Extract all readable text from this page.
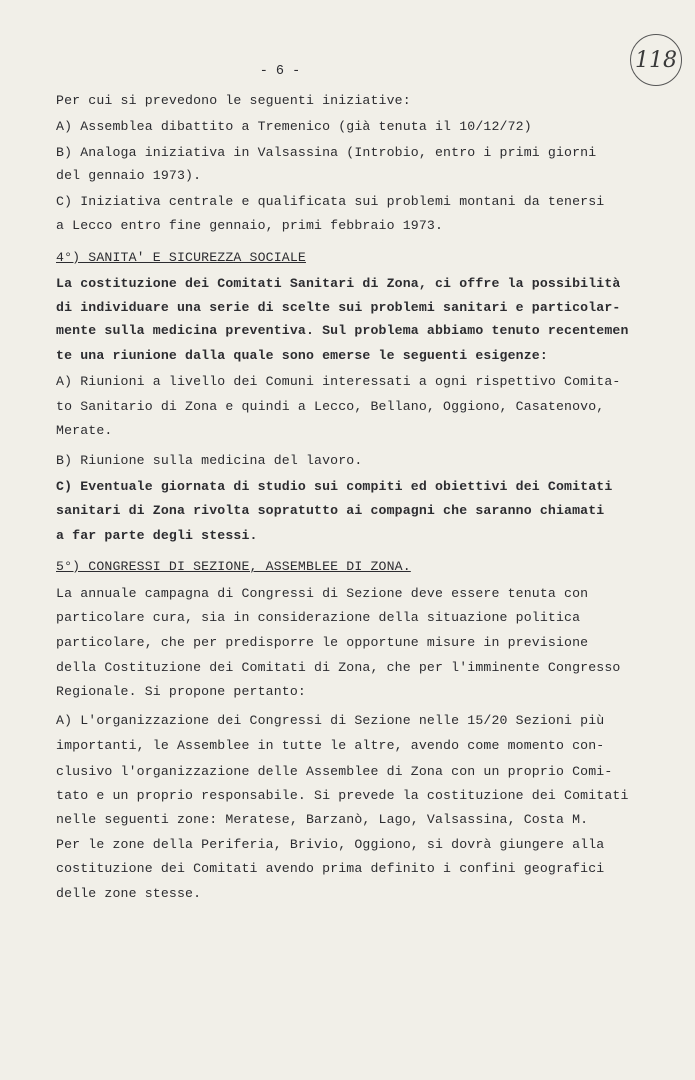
118
- 6 -
Per cui si prevedono le seguenti iniziative:
A) Assemblea dibattito a Tremenico (già tenuta il 10/12/72)
B) Analoga iniziativa in Valsassina (Introbio, entro i primi giorni
del gennaio 1973).
C) Iniziativa centrale e qualificata sui problemi montani da tenersi
a Lecco entro fine gennaio, primi febbraio 1973.
4°) SANITA' E SICUREZZA SOCIALE
La costituzione dei Comitati Sanitari di Zona, ci offre la possibilità
di individuare una serie di scelte sui problemi sanitari e particolar-
mente sulla medicina preventiva. Sul problema abbiamo tenuto recentemen
te una riunione dalla quale sono emerse le seguenti esigenze:
A) Riunioni a livello dei Comuni interessati a ogni rispettivo Comita-
to Sanitario di Zona e quindi a Lecco, Bellano, Oggiono, Casatenovo,
Merate.
B) Riunione sulla medicina del lavoro.
C) Eventuale giornata di studio sui compiti ed obiettivi dei Comitati
sanitari di Zona rivolta sopratutto ai compagni che saranno chiamati
a far parte degli stessi.
5°) CONGRESSI DI SEZIONE, ASSEMBLEE DI ZONA.
La annuale campagna di Congressi di Sezione deve essere tenuta con
particolare cura, sia in considerazione della situazione politica
particolare, che per predisporre le opportune misure in previsione
della Costituzione dei Comitati di Zona, che per l'imminente Congresso
Regionale. Si propone pertanto:
A) L'organizzazione dei Congressi di Sezione nelle 15/20 Sezioni più
importanti, le Assemblee in tutte le altre, avendo come momento con-
clusivo l'organizzazione delle Assemblee di Zona con un proprio Comi-
tato e un proprio responsabile. Si prevede la costituzione dei Comitati
nelle seguenti zone: Meratese, Barzanò, Lago, Valsassina, Costa M.
Per le zone della Periferia, Brivio, Oggiono, si dovrà giungere alla
costituzione dei Comitati avendo prima definito i confini geografici
delle zone stesse.
